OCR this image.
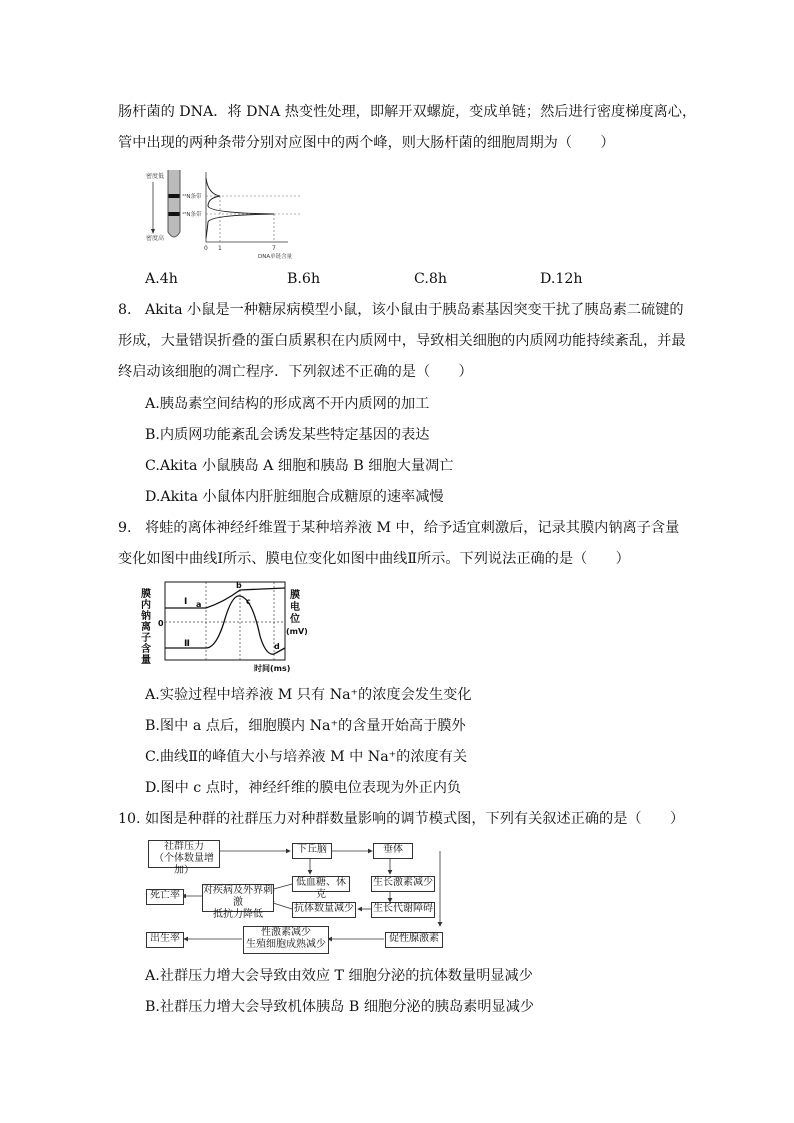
肠杆菌的 DNA．将 DNA 热变性处理，即解开双螺旋，变成单链；然后进行密度梯度离心，
管中出现的两种条带分别对应图中的两个峰，则大肠杆菌的细胞周期为（　　）
密度低
密度高
¹⁴N条带
¹⁵N条带
0 1	7
DNA单链含量
A.4h	B.6h	C.8h	D.12h
8. Akita 小鼠是一种糖尿病模型小鼠，该小鼠由于胰岛素基因突变干扰了胰岛素二硫键的
形成，大量错误折叠的蛋白质累积在内质网中，导致相关细胞的内质网功能持续紊乱，并最
终启动该细胞的凋亡程序．下列叙述不正确的是（　　）
A.胰岛素空间结构的形成离不开内质网的加工
B.内质网功能紊乱会诱发某些特定基因的表达
C.Akita 小鼠胰岛 A 细胞和胰岛 B 细胞大量凋亡
D.Akita 小鼠体内肝脏细胞合成糖原的速率减慢
9. 将蛙的离体神经纤维置于某种培养液 M 中，给予适宜刺激后，记录其膜内钠离子含量
变化如图中曲线Ⅰ所示、膜电位变化如图中曲线Ⅱ所示。下列说法正确的是（　　）
膜内钠离子含量	膜
电
位
(mV)
时间(ms)
0
Ⅰ
Ⅱ
a
b
c
d
A.实验过程中培养液 M 只有 Na⁺的浓度会发生变化
B.图中 a 点后，细胞膜内 Na⁺的含量开始高于膜外
C.曲线Ⅱ的峰值大小与培养液 M 中 Na⁺的浓度有关
D.图中 c 点时，神经纤维的膜电位表现为外正内负
10. 如图是种群的社群压力对种群数量影响的调节模式图，下列有关叙述正确的是（　　）
社群压力
（个体数量增加）
下丘脑	垂体
低血糖、休克
生长激素减少
对疾病及外界刺激
抵抗力降低
抗体数量减少 生长代谢障碍
死亡率
出生率
性激素减少
生殖细胞成熟减少
促性腺激素
A.社群压力增大会导致由效应 T 细胞分泌的抗体数量明显减少
B.社群压力增大会导致机体胰岛 B 细胞分泌的胰岛素明显减少
